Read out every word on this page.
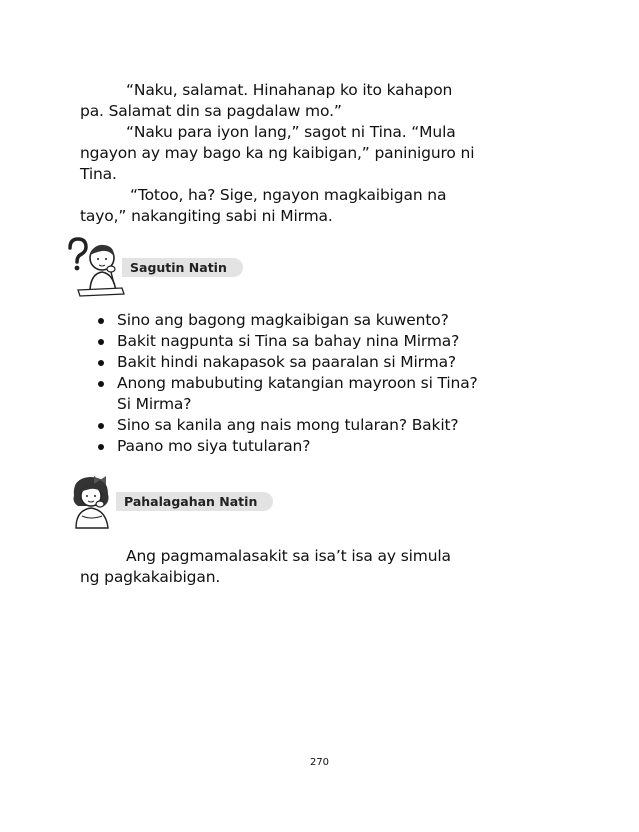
“Naku, salamat. Hinahanap ko ito kahapon
pa. Salamat din sa pagdalaw mo.”
“Naku para iyon lang,” sagot ni Tina. “Mula
ngayon ay may bago ka ng kaibigan,” paniniguro ni
Tina.
“Totoo, ha? Sige, ngayon magkaibigan na
tayo,” nakangiting sabi ni Mirma.
Sagutin Natin
Sino ang bagong magkaibigan sa kuwento?
Bakit nagpunta si Tina sa bahay nina Mirma?
Bakit hindi nakapasok sa paaralan si Mirma?
Anong mabubuting katangian mayroon si Tina?
Si Mirma?
Sino sa kanila ang nais mong tularan? Bakit?
Paano mo siya tutularan?
Pahalagahan Natin
Ang pagmamalasakit sa isa’t isa ay simula
ng pagkakaibigan.
270
